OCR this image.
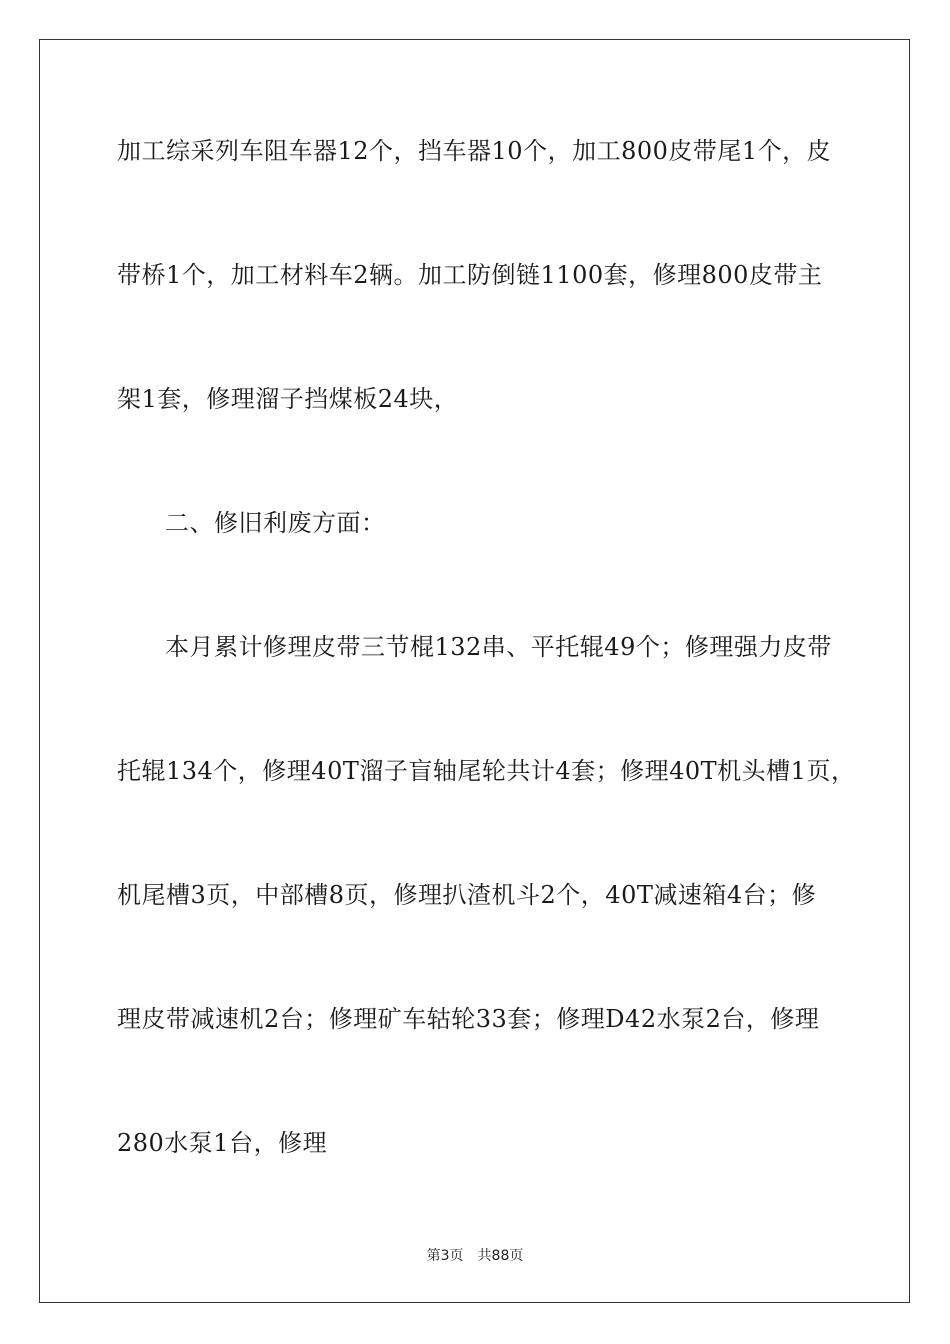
加工综采列车阻车器12个，挡车器10个，加工800皮带尾1个，皮
带桥1个，加工材料车2辆。加工防倒链1100套，修理800皮带主
架1套，修理溜子挡煤板24块，
二、修旧利废方面：
本月累计修理皮带三节棍132串、平托辊49个；修理强力皮带
托辊134个，修理40T溜子盲轴尾轮共计4套；修理40T机头槽1页，
机尾槽3页，中部槽8页，修理扒渣机斗2个，40T减速箱4台；修
理皮带减速机2台；修理矿车轱轮33套；修理D42水泵2台，修理
280水泵1台，修理
第3页 共88页
